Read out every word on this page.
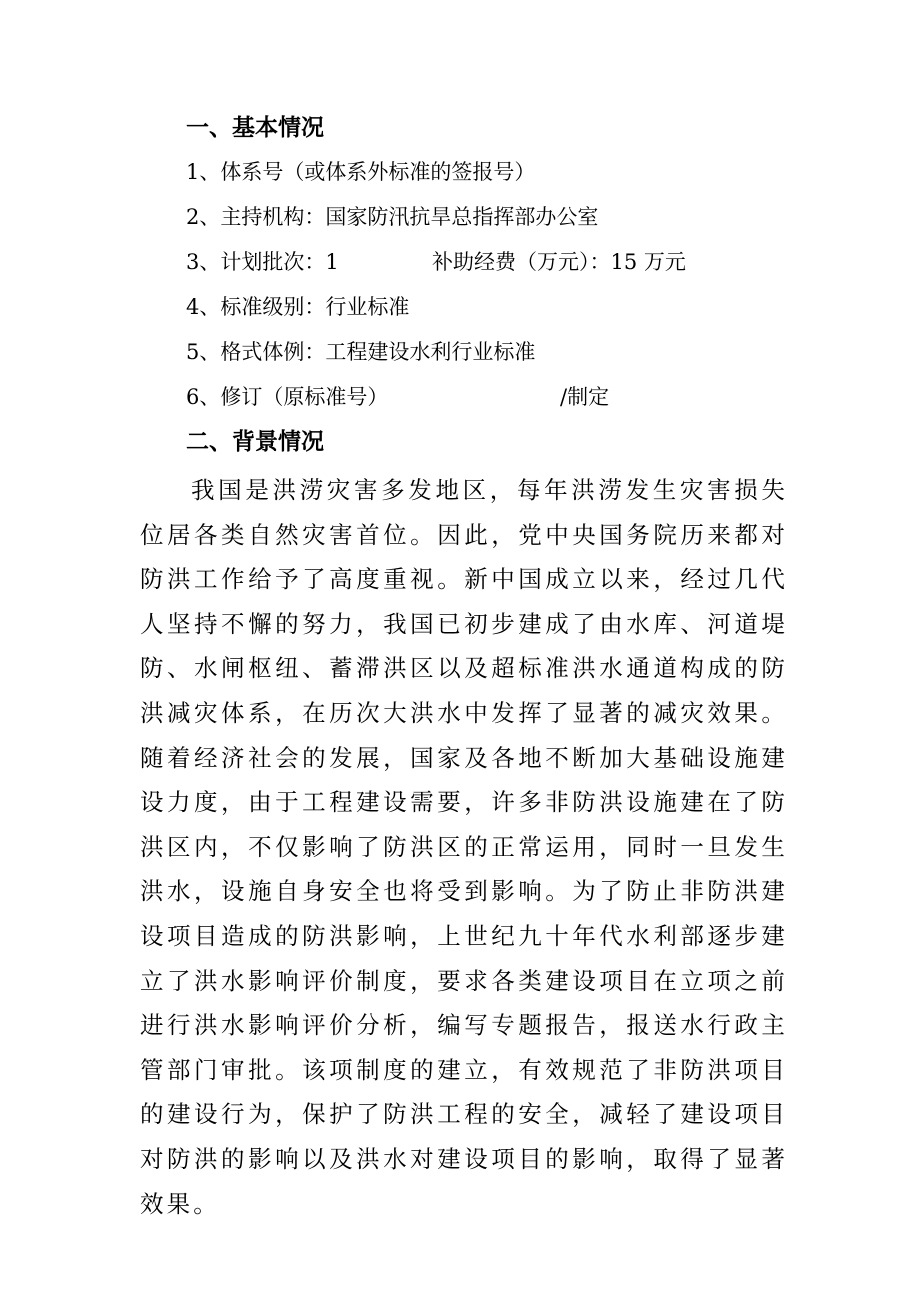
一、基本情况
1、体系号（或体系外标准的签报号）
2、主持机构：国家防汛抗旱总指挥部办公室
3、计划批次：1	补助经费（万元）：15 万元
4、标准级别：行业标准
5、格式体例：工程建设水利行业标准
6、修订（原标准号）	/制定
二、背景情况
我国是洪涝灾害多发地区，每年洪涝发生灾害损失位居各类自然灾害首位。因此，党中央国务院历来都对防洪工作给予了高度重视。新中国成立以来，经过几代人坚持不懈的努力，我国已初步建成了由水库、河道堤防、水闸枢纽、蓄滞洪区以及超标准洪水通道构成的防洪减灾体系，在历次大洪水中发挥了显著的减灾效果。随着经济社会的发展，国家及各地不断加大基础设施建设力度，由于工程建设需要，许多非防洪设施建在了防洪区内，不仅影响了防洪区的正常运用，同时一旦发生洪水，设施自身安全也将受到影响。为了防止非防洪建设项目造成的防洪影响，上世纪九十年代水利部逐步建立了洪水影响评价制度，要求各类建设项目在立项之前进行洪水影响评价分析，编写专题报告，报送水行政主管部门审批。该项制度的建立，有效规范了非防洪项目的建设行为，保护了防洪工程的安全，减轻了建设项目对防洪的影响以及洪水对建设项目的影响，取得了显著效果。
